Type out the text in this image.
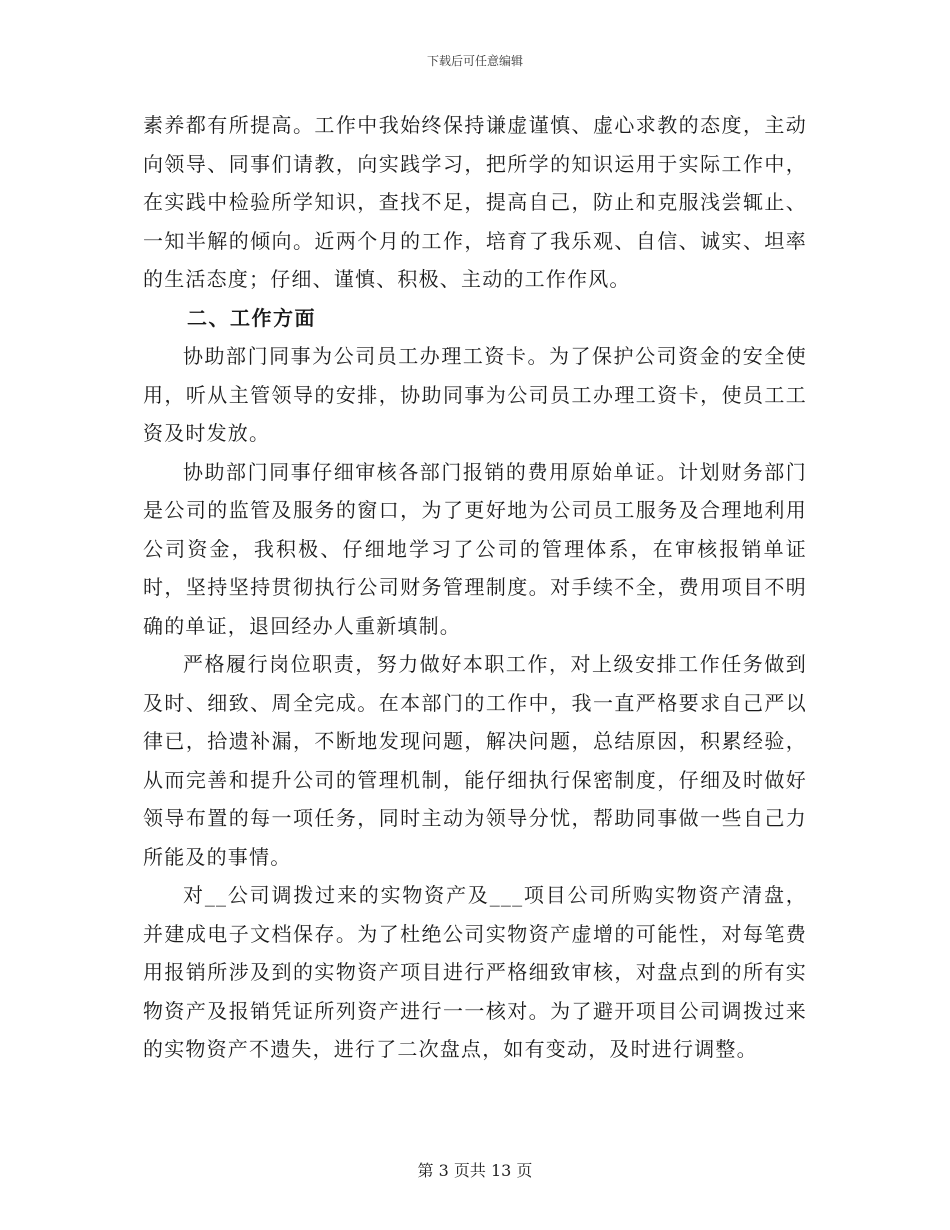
下载后可任意编辑

素养都有所提高。工作中我始终保持谦虚谨慎、虚心求教的态度，主动向领导、同事们请教，向实践学习，把所学的知识运用于实际工作中，在实践中检验所学知识，查找不足，提高自己，防止和克服浅尝辄止、一知半解的倾向。近两个月的工作，培育了我乐观、自信、诚实、坦率的生活态度；仔细、谨慎、积极、主动的工作作风。

二、工作方面

协助部门同事为公司员工办理工资卡。为了保护公司资金的安全使用，听从主管领导的安排，协助同事为公司员工办理工资卡，使员工工资及时发放。

协助部门同事仔细审核各部门报销的费用原始单证。计划财务部门是公司的监管及服务的窗口，为了更好地为公司员工服务及合理地利用公司资金，我积极、仔细地学习了公司的管理体系，在审核报销单证时，坚持坚持贯彻执行公司财务管理制度。对手续不全，费用项目不明确的单证，退回经办人重新填制。

严格履行岗位职责，努力做好本职工作，对上级安排工作任务做到及时、细致、周全完成。在本部门的工作中，我一直严格要求自己严以律已，拾遗补漏，不断地发现问题，解决问题，总结原因，积累经验，从而完善和提升公司的管理机制，能仔细执行保密制度，仔细及时做好领导布置的每一项任务，同时主动为领导分忧，帮助同事做一些自己力所能及的事情。

对__公司调拨过来的实物资产及___项目公司所购实物资产清盘，并建成电子文档保存。为了杜绝公司实物资产虚增的可能性，对每笔费用报销所涉及到的实物资产项目进行严格细致审核，对盘点到的所有实物资产及报销凭证所列资产进行一一核对。为了避开项目公司调拨过来的实物资产不遗失，进行了二次盘点，如有变动，及时进行调整。

第 3 页共 13 页
